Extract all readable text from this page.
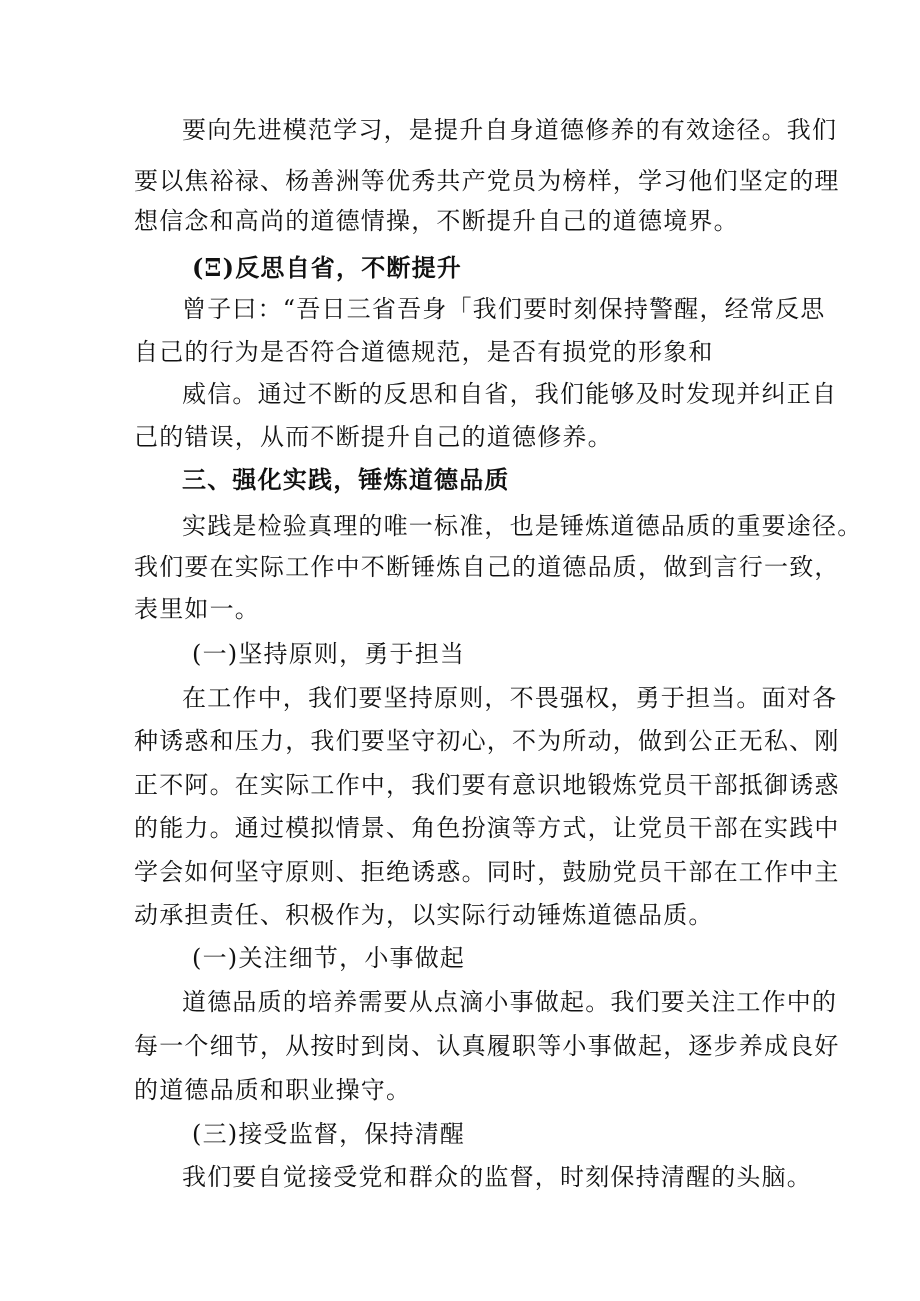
要向先进模范学习，是提升自身道德修养的有效途径。我们
要以焦裕禄、杨善洲等优秀共产党员为榜样，学习他们坚定的理
想信念和高尚的道德情操，不断提升自己的道德境界。
(Ξ)反思自省，不断提升
曾子曰：“吾日三省吾身「我们要时刻保持警醒，经常反思
自己的行为是否符合道德规范，是否有损党的形象和
威信。通过不断的反思和自省，我们能够及时发现并纠正自
己的错误，从而不断提升自己的道德修养。
三、强化实践，锤炼道德品质
实践是检验真理的唯一标准，也是锤炼道德品质的重要途径。
我们要在实际工作中不断锤炼自己的道德品质，做到言行一致，
表里如一。
(一)坚持原则，勇于担当
在工作中，我们要坚持原则，不畏强权，勇于担当。面对各
种诱惑和压力，我们要坚守初心，不为所动，做到公正无私、刚
正不阿。在实际工作中，我们要有意识地锻炼党员干部抵御诱惑
的能力。通过模拟情景、角色扮演等方式，让党员干部在实践中
学会如何坚守原则、拒绝诱惑。同时，鼓励党员干部在工作中主
动承担责任、积极作为，以实际行动锤炼道德品质。
(一)关注细节，小事做起
道德品质的培养需要从点滴小事做起。我们要关注工作中的
每一个细节，从按时到岗、认真履职等小事做起，逐步养成良好
的道德品质和职业操守。
(三)接受监督，保持清醒
我们要自觉接受党和群众的监督，时刻保持清醒的头脑。
